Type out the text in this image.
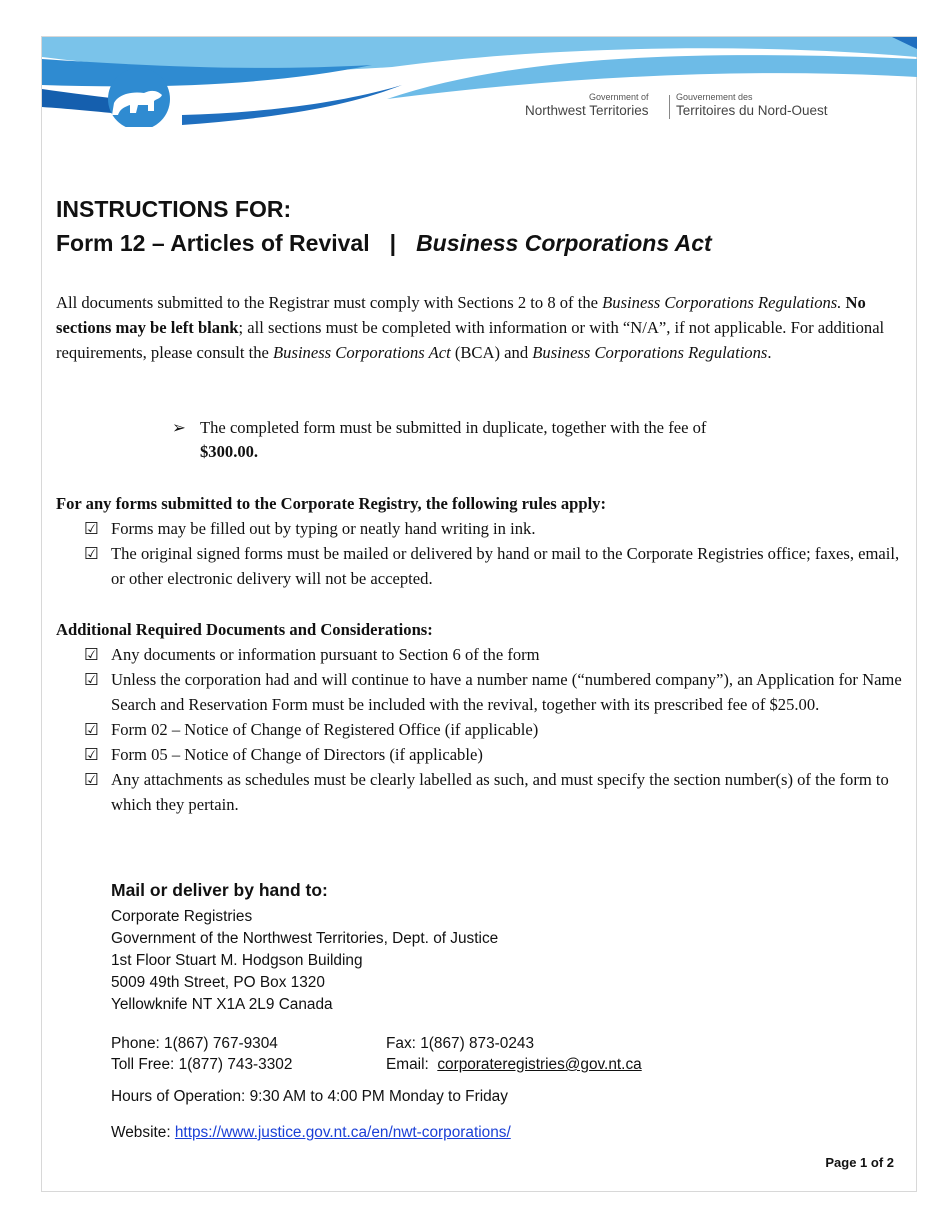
Government of
Northwest Territories
Gouvernement des
Territoires du Nord-Ouest
INSTRUCTIONS FOR:
Form 12 – Articles of Revival | Business Corporations Act
All documents submitted to the Registrar must comply with Sections 2 to 8 of the Business Corporations Regulations. No sections may be left blank; all sections must be completed with information or with “N/A”, if not applicable. For additional requirements, please consult the Business Corporations Act (BCA) and Business Corporations Regulations.
➢ The completed form must be submitted in duplicate, together with the fee of $300.00.
For any forms submitted to the Corporate Registry, the following rules apply:
☑ Forms may be filled out by typing or neatly hand writing in ink.
☑ The original signed forms must be mailed or delivered by hand or mail to the Corporate Registries office; faxes, email, or other electronic delivery will not be accepted.
Additional Required Documents and Considerations:
☑ Any documents or information pursuant to Section 6 of the form
☑ Unless the corporation had and will continue to have a number name (“numbered company”), an Application for Name Search and Reservation Form must be included with the revival, together with its prescribed fee of $25.00.
☑ Form 02 – Notice of Change of Registered Office (if applicable)
☑ Form 05 – Notice of Change of Directors (if applicable)
☑ Any attachments as schedules must be clearly labelled as such, and must specify the section number(s) of the form to which they pertain.
Mail or deliver by hand to:
Corporate Registries
Government of the Northwest Territories, Dept. of Justice
1st Floor Stuart M. Hodgson Building
5009 49th Street, PO Box 1320
Yellowknife NT X1A 2L9 Canada
Phone: 1(867) 767-9304
Toll Free: 1(877) 743-3302
Fax: 1(867) 873-0243
Email:  corporateregistries@gov.nt.ca
Hours of Operation: 9:30 AM to 4:00 PM Monday to Friday
Website: https://www.justice.gov.nt.ca/en/nwt-corporations/
Page 1 of 2
